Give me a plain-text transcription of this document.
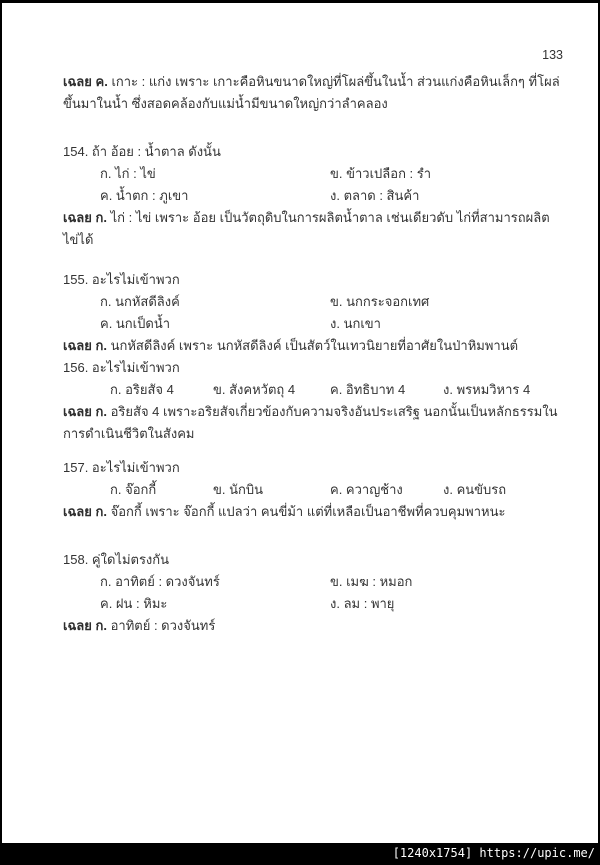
133

เฉลย ค. เกาะ : แก่ง เพราะ เกาะคือหินขนาดใหญ่ที่โผล่ขึ้นในน้ำ ส่วนแก่งคือหินเล็กๆ ที่โผล่ขึ้นมาในน้ำ ซึ่งสอดคล้องกับแม่น้ำมีขนาดใหญ่กว่าลำคลอง

154. ถ้า อ้อย : น้ำตาล ดังนั้น
ก. ไก่ : ไข่	ข. ข้าวเปลือก : รำ
ค. น้ำตก : ภูเขา	ง. ตลาด : สินค้า
เฉลย ก. ไก่ : ไข่ เพราะ อ้อย เป็นวัตถุดิบในการผลิตน้ำตาล เช่นเดียวดับ ไก่ที่สามารถผลิตไข่ได้
155. อะไรไม่เข้าพวก
ก. นกหัสดีลิงค์	ข. นกกระจอกเทศ
ค. นกเป็ดน้ำ	ง. นกเขา
เฉลย ก. นกหัสดีลิงค์ เพราะ นกหัสดีลิงค์ เป็นสัตว์ในเทวนิยายที่อาศัยในป่าหิมพานต์
156. อะไรไม่เข้าพวก
ก. อริยสัจ 4	ข. สังคหวัตถุ 4	ค. อิทธิบาท 4	ง. พรหมวิหาร 4
เฉลย ก. อริยสัจ 4 เพราะอริยสัจเกี่ยวข้องกับความจริงอันประเสริฐ นอกนั้นเป็นหลักธรรมในการดำเนินชีวิตในสังคม
157. อะไรไม่เข้าพวก
ก. จ๊อกกี้	ข. นักบิน	ค. ควาญช้าง	ง. คนขับรถ
เฉลย ก. จ๊อกกี้ เพราะ จ๊อกกี้ แปลว่า คนขี่ม้า แต่ที่เหลือเป็นอาชีพที่ควบคุมพาหนะ
158. คู่ใดไม่ตรงกัน
ก. อาทิตย์ : ดวงจันทร์	ข. เมฆ : หมอก
ค. ฝน : หิมะ	ง. ลม : พายุ
เฉลย ก. อาทิตย์ : ดวงจันทร์
[1240x1754] https://upic.me/
